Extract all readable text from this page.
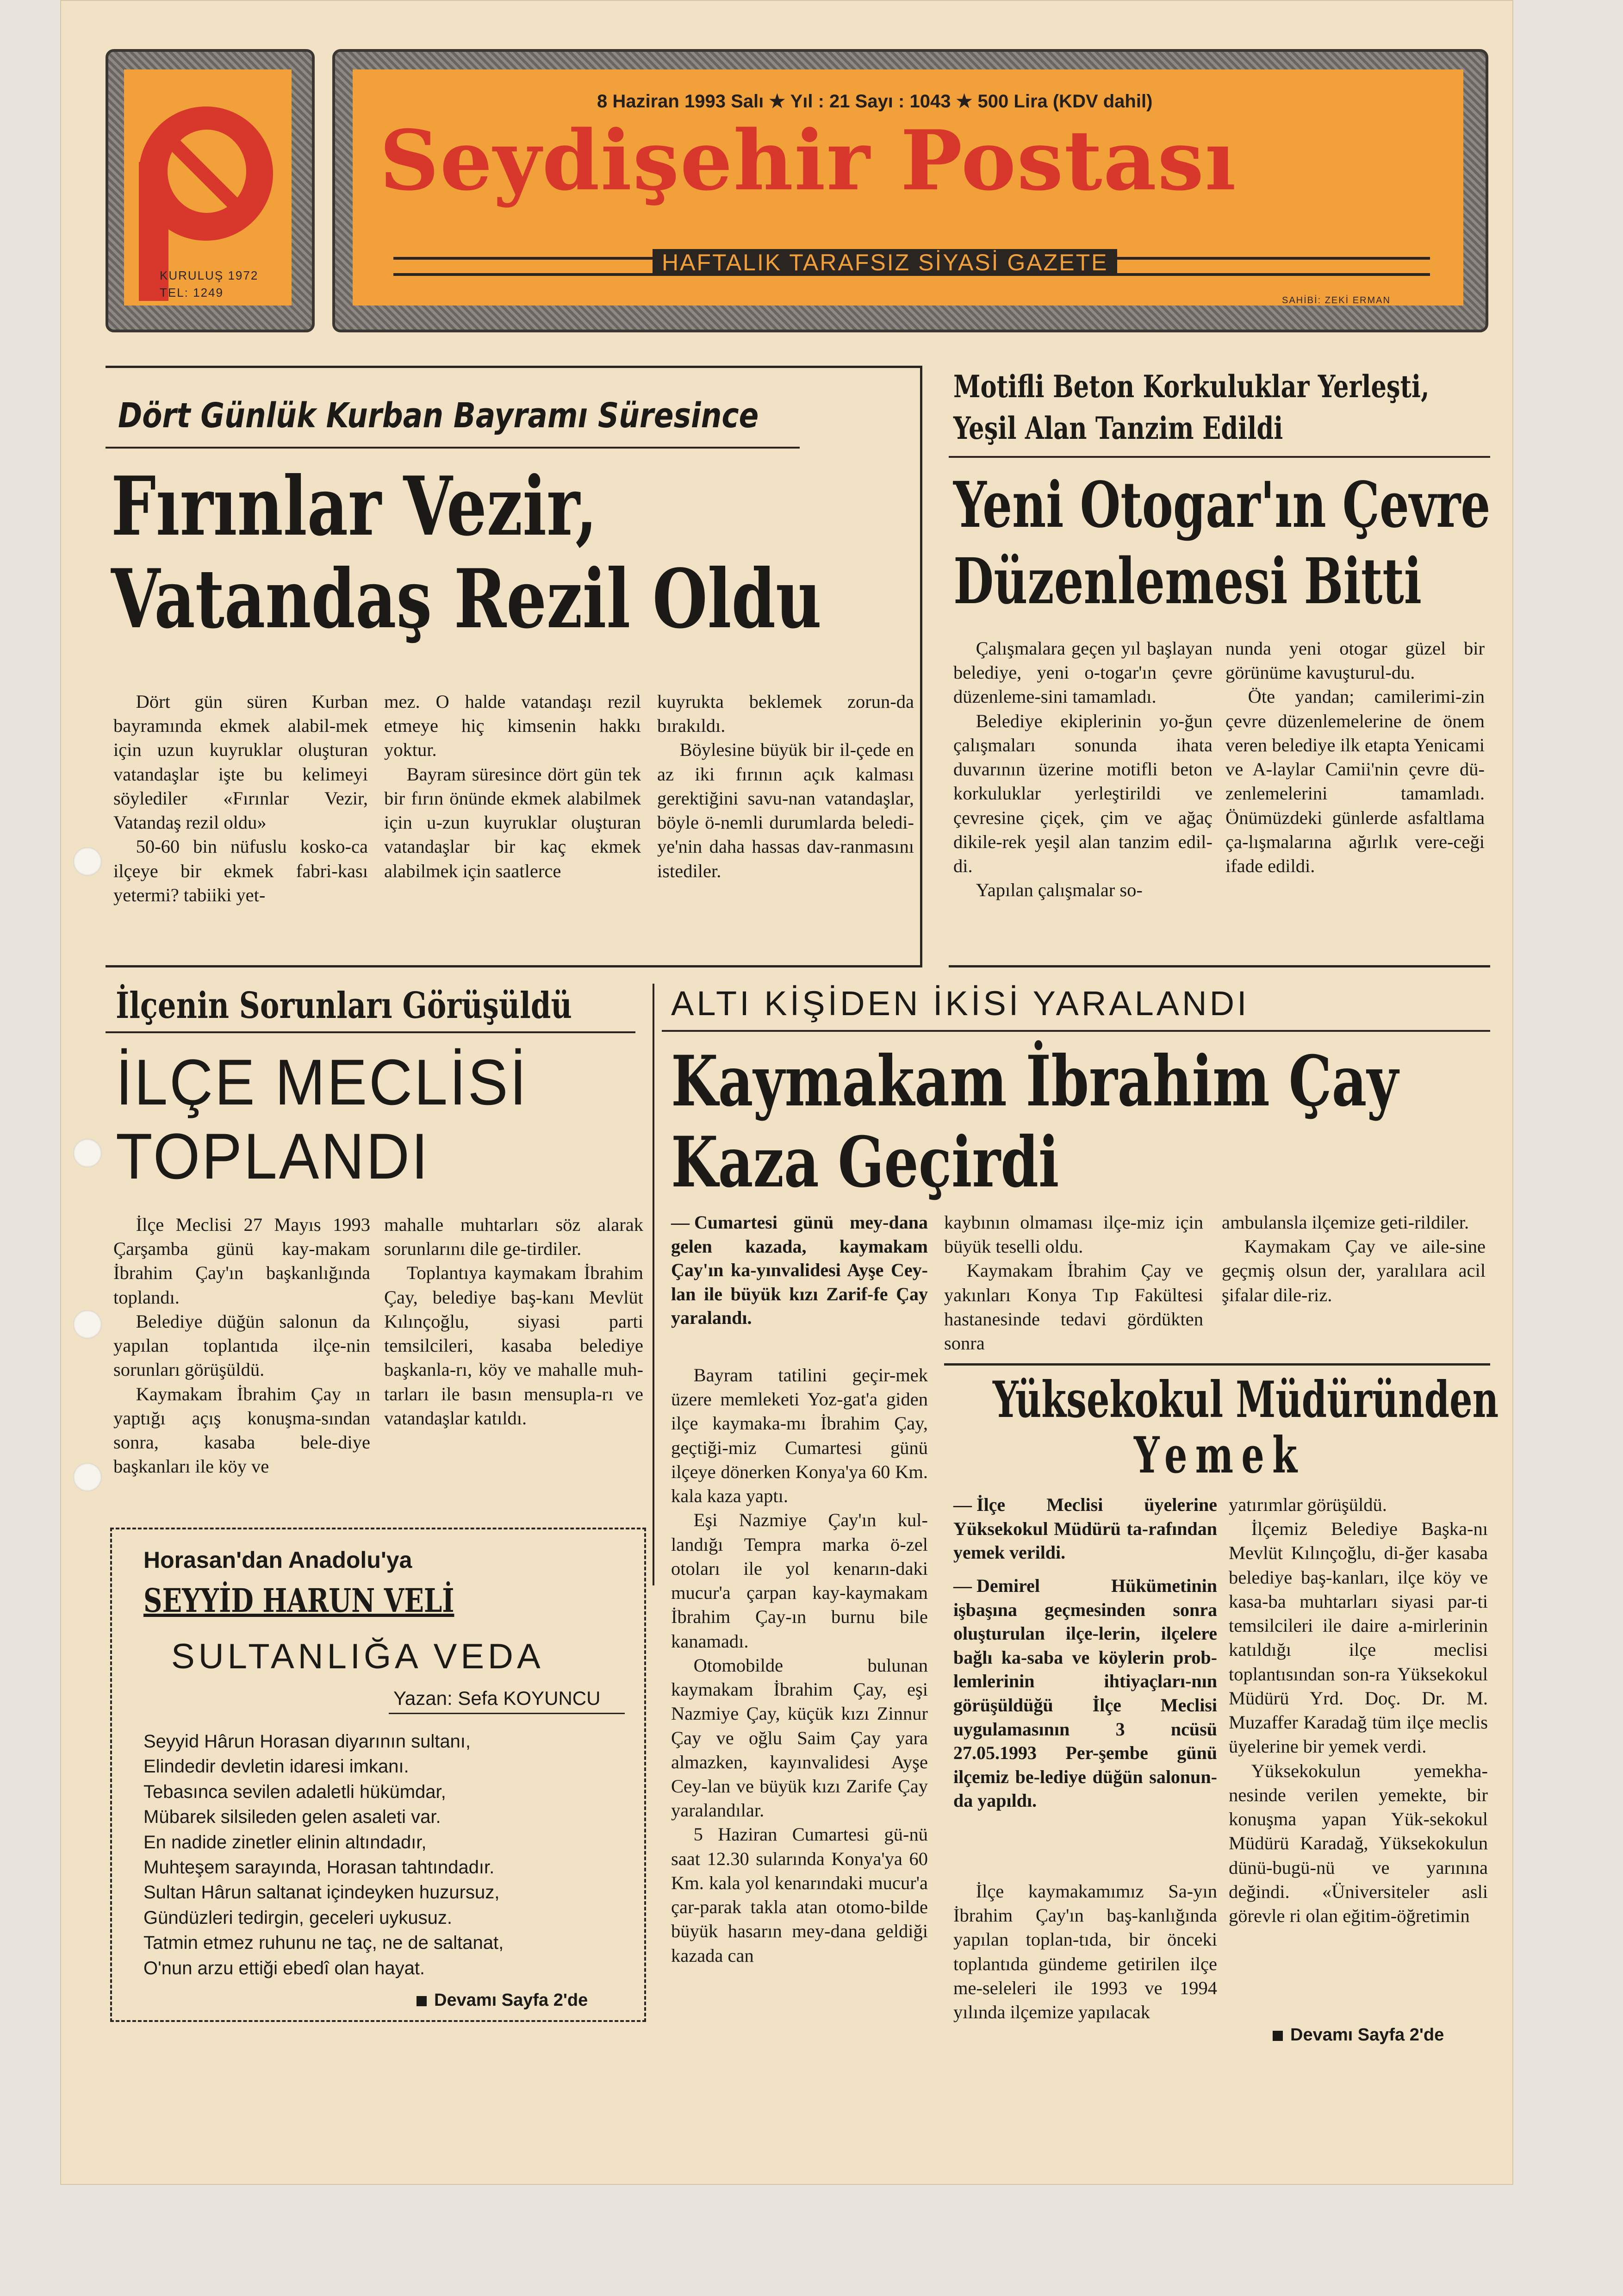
KURULUŞ 1972
TEL: 1249
8 Haziran 1993 Salı ★ Yıl : 21 Sayı : 1043 ★ 500 Lira (KDV dahil)
Seydişehir Postası
HAFTALIK TARAFSIZ SİYASİ GAZETE
SAHİBİ: ZEKİ ERMAN
Dört Günlük Kurban Bayramı Süresince
Fırınlar Vezir,
Vatandaş Rezil Oldu

Dört gün süren Kurban bayramında ekmek alabil-mek için uzun kuyruklar oluşturan vatandaşlar işte bu kelimeyi söylediler «Fırınlar Vezir, Vatandaş rezil oldu»

50-60 bin nüfuslu kosko-ca ilçeye bir ekmek fabri-kası yetermi? tabiiki yet-

mez. O halde vatandaşı rezil etmeye hiç kimsenin hakkı yoktur.

Bayram süresince dört gün tek bir fırın önünde ekmek alabilmek için u-zun kuyruklar oluşturan vatandaşlar bir kaç ekmek alabilmek için saatlerce

kuyrukta beklemek zorun-da bırakıldı.

Böylesine büyük bir il-çede en az iki fırının açık kalması gerektiğini savu-nan vatandaşlar, böyle ö-nemli durumlarda beledi-ye'nin daha hassas dav-ranmasını istediler.

Motifli Beton Korkuluklar Yerleşti,
Yeşil Alan Tanzim Edildi
Yeni Otogar'ın Çevre
Düzenlemesi Bitti

Çalışmalara geçen yıl başlayan belediye, yeni o-togar'ın çevre düzenleme-sini tamamladı.

Belediye ekiplerinin yo-ğun çalışmaları sonunda ihata duvarının üzerine motifli beton korkuluklar yerleştirildi ve çevresine çiçek, çim ve ağaç dikile-rek yeşil alan tanzim edil-di.

Yapılan çalışmalar so-

nunda yeni otogar güzel bir görünüme kavuşturul-du.

Öte yandan; camilerimi-zin çevre düzenlemelerine de önem veren belediye ilk etapta Yenicami ve A-laylar Camii'nin çevre dü-zenlemelerini tamamladı. Önümüzdeki günlerde asfaltlama ça-lışmalarına ağırlık vere-ceği ifade edildi.

İlçenin Sorunları Görüşüldü
İLÇE MECLİSİ
TOPLANDI

İlçe Meclisi 27 Mayıs 1993 Çarşamba günü kay-makam İbrahim Çay'ın başkanlığında toplandı.

Belediye düğün salonun da yapılan toplantıda ilçe-nin sorunları görüşüldü.

Kaymakam İbrahim Çay ın yaptığı açış konuşma-sından sonra, kasaba bele-diye başkanları ile köy ve

mahalle muhtarları söz alarak sorunlarını dile ge-tirdiler.

Toplantıya kaymakam İbrahim Çay, belediye baş-kanı Mevlüt Kılınçoğlu, siyasi parti temsilcileri, kasaba belediye başkanla-rı, köy ve mahalle muh-tarları ile basın mensupla-rı ve vatandaşlar katıldı.

Horasan'dan Anadolu'ya
SEYYİD HARUN VELİ
SULTANLIĞA VEDA
Yazan: Sefa KOYUNCU
Seyyid Hârun Horasan diyarının sultanı,
Elindedir devletin idaresi imkanı.
Tebasınca sevilen adaletli hükümdar,
Mübarek silsileden gelen asaleti var.
En nadide zinetler elinin altındadır,
Muhteşem sarayında, Horasan tahtındadır.
Sultan Hârun saltanat içindeyken huzursuz,
Gündüzleri tedirgin, geceleri uykusuz.
Tatmin etmez ruhunu ne taç, ne de saltanat,
O'nun arzu ettiği ebedî olan hayat.
Devamı Sayfa 2'de
ALTI KİŞİDEN İKİSİ YARALANDI
Kaymakam İbrahim Çay
Kaza Geçirdi
— Cumartesi günü mey-dana gelen kazada, kaymakam Çay'ın ka-yınvalidesi Ayşe Cey-lan ile büyük kızı Zarif-fe Çay yaralandı.

Bayram tatilini geçir-mek üzere memleketi Yoz-gat'a giden ilçe kaymaka-mı İbrahim Çay, geçtiği-miz Cumartesi günü ilçeye dönerken Konya'ya 60 Km. kala kaza yaptı.

Eşi Nazmiye Çay'ın kul-landığı Tempra marka ö-zel otoları ile yol kenarın-daki mucur'a çarpan kay-kaymakam İbrahim Çay-ın burnu bile kanamadı.

Otomobilde bulunan kaymakam İbrahim Çay, eşi Nazmiye Çay, küçük kızı Zinnur Çay ve oğlu Saim Çay yara almazken, kayınvalidesi Ayşe Cey-lan ve büyük kızı Zarife Çay yaralandılar.

5 Haziran Cumartesi gü-nü saat 12.30 sularında Konya'ya 60 Km. kala yol kenarındaki mucur'a çar-parak takla atan otomo-bilde büyük hasarın mey-dana geldiği kazada can

kaybının olmaması ilçe-miz için büyük teselli oldu.

Kaymakam İbrahim Çay ve yakınları Konya Tıp Fakültesi hastanesinde tedavi gördükten sonra

ambulansla ilçemize geti-rildiler.

Kaymakam Çay ve aile-sine geçmiş olsun der, yaralılara acil şifalar dile-riz.

Yüksekokul Müdüründen
Yemek
— İlçe Meclisi üyelerine Yüksekokul Müdürü ta-rafından yemek verildi.
— Demirel Hükümetinin işbaşına geçmesinden sonra oluşturulan ilçe-lerin, ilçelere bağlı ka-saba ve köylerin prob-lemlerinin ihtiyaçları-nın görüşüldüğü İlçe Meclisi uygulamasının 3 ncüsü 27.05.1993 Per-şembe günü ilçemiz be-lediye düğün salonun-da yapıldı.

İlçe kaymakamımız Sa-yın İbrahim Çay'ın baş-kanlığında yapılan toplan-tıda, bir önceki toplantıda gündeme getirilen ilçe me-seleleri ile 1993 ve 1994 yılında ilçemize yapılacak

yatırımlar görüşüldü.

İlçemiz Belediye Başka-nı Mevlüt Kılınçoğlu, di-ğer kasaba belediye baş-kanları, ilçe köy ve kasa-ba muhtarları siyasi par-ti temsilcileri ile daire a-mirlerinin katıldığı ilçe meclisi toplantısından son-ra Yüksekokul Müdürü Yrd. Doç. Dr. M. Muzaffer Karadağ tüm ilçe meclis üyelerine bir yemek verdi.

Yüksekokulun yemekha-nesinde verilen yemekte, bir konuşma yapan Yük-sekokul Müdürü Karadağ, Yüksekokulun dünü-bugü-nü ve yarınına değindi. «Üniversiteler asli görevle ri olan eğitim-öğretimin

Devamı Sayfa 2'de
